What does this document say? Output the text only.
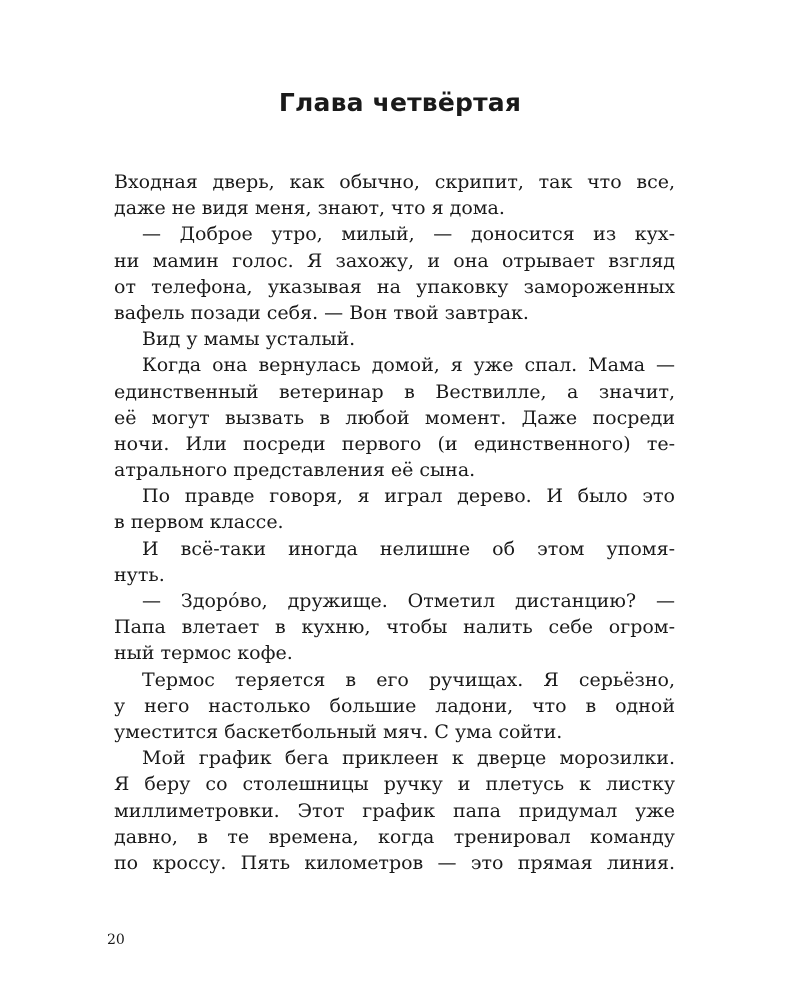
Глава четвёртая
Входная дверь, как обычно, скрипит, так что все,
даже не видя меня, знают, что я дома.
— Доброе утро, милый, — доносится из кух-
ни мамин голос. Я захожу, и она отрывает взгляд
от телефона, указывая на упаковку замороженных
вафель позади себя. — Вон твой завтрак.
Вид у мамы усталый.
Когда она вернулась домой, я уже спал. Мама —
единственный ветеринар в Веcтвилле, а значит,
её могут вызвать в любой момент. Даже посреди
ночи. Или посреди первого (и единственного) те-
атрального представления её сына.
По правде говоря, я играл дерево. И было это
в первом классе.
И всё-таки иногда нелишне об этом упомя-
нуть.
— Здоро́во, дружище. Отметил дистанцию? —
Папа влетает в кухню, чтобы налить себе огром-
ный термос кофе.
Термос теряется в его ручищах. Я серьёзно,
у него настолько большие ладони, что в одной
уместится баскетбольный мяч. С ума сойти.
Мой график бега приклеен к дверце морозилки.
Я беру со столешницы ручку и плетусь к листку
миллиметровки. Этот график папа придумал уже
давно, в те времена, когда тренировал команду
по кроссу. Пять километров — это прямая линия.

20
